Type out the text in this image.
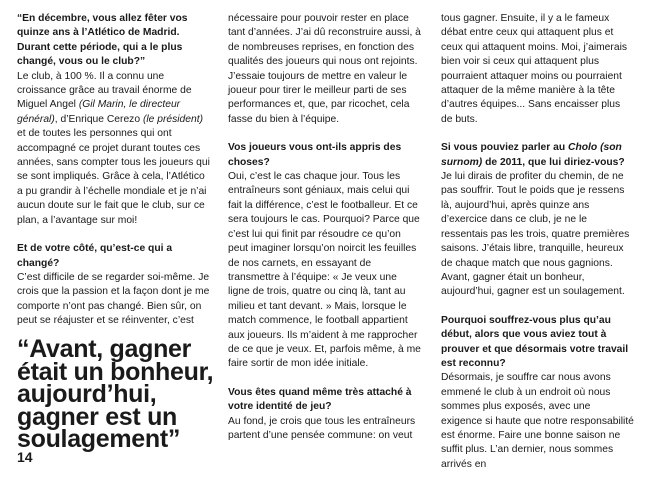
“En décembre, vous allez fêter vos quinze ans à l’Atlético de Madrid. Durant cette période, qui a le plus changé, vous ou le club?”

Le club, à 100 %. Il a connu une croissance grâce au travail énorme de Miguel Angel (Gil Marin, le directeur général), d’Enrique Cerezo (le président) et de toutes les personnes qui ont accompagné ce projet durant toutes ces années, sans compter tous les joueurs qui se sont impliqués. Grâce à cela, l’Atlético a pu grandir à l’échelle mondiale et je n’ai aucun doute sur le fait que le club, sur ce plan, a l’avantage sur moi!

Et de votre côté, qu’est-ce qui a changé?

C’est difficile de se regarder soi-même. Je crois que la passion et la façon dont je me comporte n’ont pas changé. Bien sûr, on peut se réajuster et se réinventer, c’est

“Avant, gagner était un bonheur, aujourd’hui, gagner est un soulagement”

14

nécessaire pour pouvoir rester en place tant d’années. J’ai dû reconstruire aussi, à de nombreuses reprises, en fonction des qualités des joueurs qui nous ont rejoints. J’essaie toujours de mettre en valeur le joueur pour tirer le meilleur parti de ses performances et, que, par ricochet, cela fasse du bien à l’équipe.

Vos joueurs vous ont-ils appris des choses?

Oui, c’est le cas chaque jour. Tous les entraîneurs sont géniaux, mais celui qui fait la différence, c’est le footballeur. Et ce sera toujours le cas. Pourquoi? Parce que c’est lui qui finit par résoudre ce qu’on peut imaginer lorsqu’on noircit les feuilles de nos carnets, en essayant de transmettre à l’équipe: « Je veux une ligne de trois, quatre ou cinq là, tant au milieu et tant devant. » Mais, lorsque le match commence, le football appartient aux joueurs. Ils m’aident à me rapprocher de ce que je veux. Et, parfois même, à me faire sortir de mon idée initiale.

Vous êtes quand même très attaché à votre identité de jeu?

Au fond, je crois que tous les entraîneurs partent d’une pensée commune: on veut

tous gagner. Ensuite, il y a le fameux débat entre ceux qui attaquent plus et ceux qui attaquent moins. Moi, j’aimerais bien voir si ceux qui attaquent plus pourraient attaquer moins ou pourraient attaquer de la même manière à la tête d’autres équipes... Sans encaisser plus de buts.

Si vous pouviez parler au Cholo (son surnom) de 2011, que lui diriez-vous?

Je lui dirais de profiter du chemin, de ne pas souffrir. Tout le poids que je ressens là, aujourd’hui, après quinze ans d’exercice dans ce club, je ne le ressentais pas les trois, quatre premières saisons. J’étais libre, tranquille, heureux de chaque match que nous gagnions. Avant, gagner était un bonheur, aujourd’hui, gagner est un soulagement.

Pourquoi souffrez-vous plus qu’au début, alors que vous aviez tout à prouver et que désormais votre travail est reconnu?

Désormais, je souffre car nous avons emmené le club à un endroit où nous sommes plus exposés, avec une exigence si haute que notre responsabilité est énorme. Faire une bonne saison ne suffit plus. L’an dernier, nous sommes arrivés en
